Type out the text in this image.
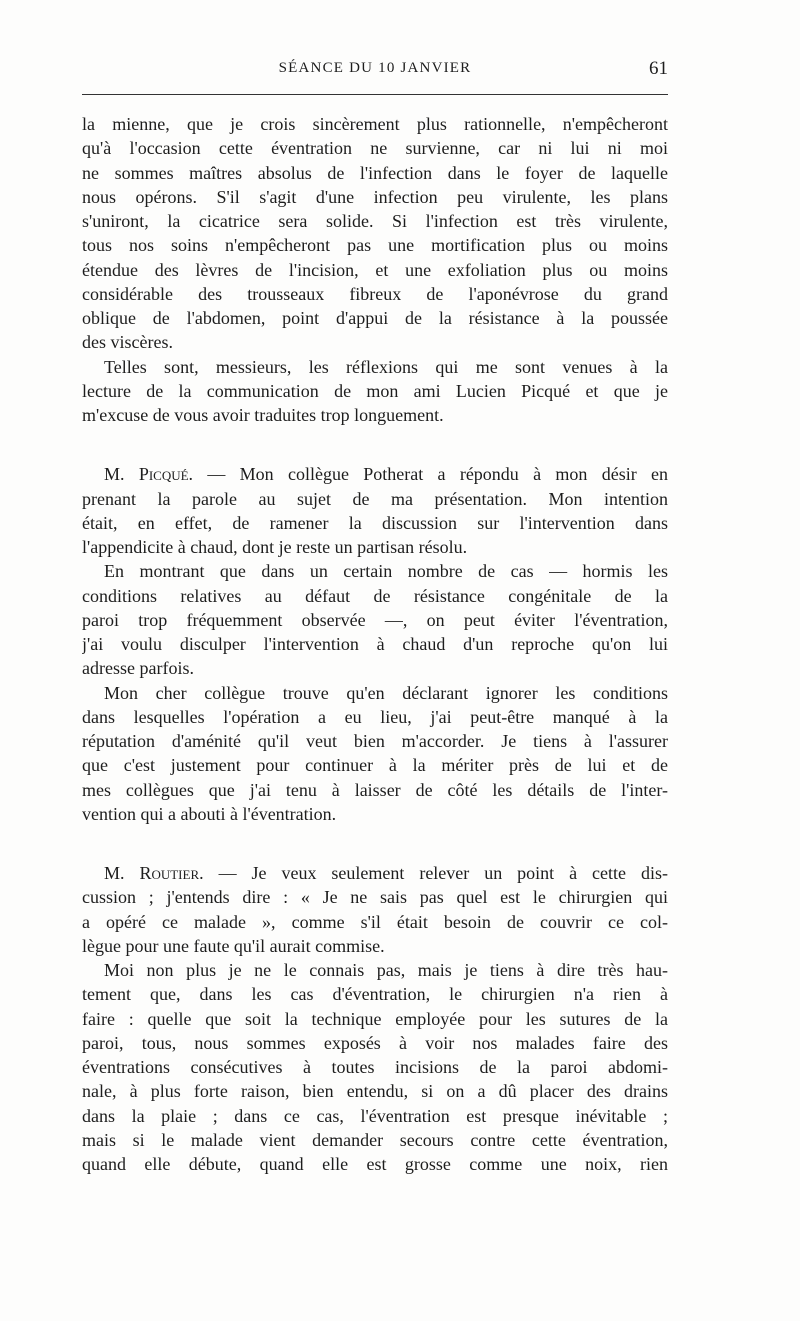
SÉANCE DU 10 JANVIER	61
la mienne, que je crois sincèrement plus rationnelle, n'empêcheront
qu'à l'occasion cette éventration ne survienne, car ni lui ni moi
ne sommes maîtres absolus de l'infection dans le foyer de laquelle
nous opérons. S'il s'agit d'une infection peu virulente, les plans
s'uniront, la cicatrice sera solide. Si l'infection est très virulente,
tous nos soins n'empêcheront pas une mortification plus ou moins
étendue des lèvres de l'incision, et une exfoliation plus ou moins
considérable des trousseaux fibreux de l'aponévrose du grand
oblique de l'abdomen, point d'appui de la résistance à la poussée
des viscères.
Telles sont, messieurs, les réflexions qui me sont venues à la
lecture de la communication de mon ami Lucien Picqué et que je
m'excuse de vous avoir traduites trop longuement.
M. Picqué. — Mon collègue Potherat a répondu à mon désir en
prenant la parole au sujet de ma présentation. Mon intention
était, en effet, de ramener la discussion sur l'intervention dans
l'appendicite à chaud, dont je reste un partisan résolu.
En montrant que dans un certain nombre de cas — hormis les
conditions relatives au défaut de résistance congénitale de la
paroi trop fréquemment observée —, on peut éviter l'éventration,
j'ai voulu disculper l'intervention à chaud d'un reproche qu'on lui
adresse parfois.
Mon cher collègue trouve qu'en déclarant ignorer les conditions
dans lesquelles l'opération a eu lieu, j'ai peut-être manqué à la
réputation d'aménité qu'il veut bien m'accorder. Je tiens à l'assurer
que c'est justement pour continuer à la mériter près de lui et de
mes collègues que j'ai tenu à laisser de côté les détails de l'inter-
vention qui a abouti à l'éventration.
M. Routier. — Je veux seulement relever un point à cette dis-
cussion ; j'entends dire : « Je ne sais pas quel est le chirurgien qui
a opéré ce malade », comme s'il était besoin de couvrir ce col-
lègue pour une faute qu'il aurait commise.
Moi non plus je ne le connais pas, mais je tiens à dire très hau-
tement que, dans les cas d'éventration, le chirurgien n'a rien à
faire : quelle que soit la technique employée pour les sutures de la
paroi, tous, nous sommes exposés à voir nos malades faire des
éventrations consécutives à toutes incisions de la paroi abdomi-
nale, à plus forte raison, bien entendu, si on a dû placer des drains
dans la plaie ; dans ce cas, l'éventration est presque inévitable ;
mais si le malade vient demander secours contre cette éventration,
quand elle débute, quand elle est grosse comme une noix, rien
